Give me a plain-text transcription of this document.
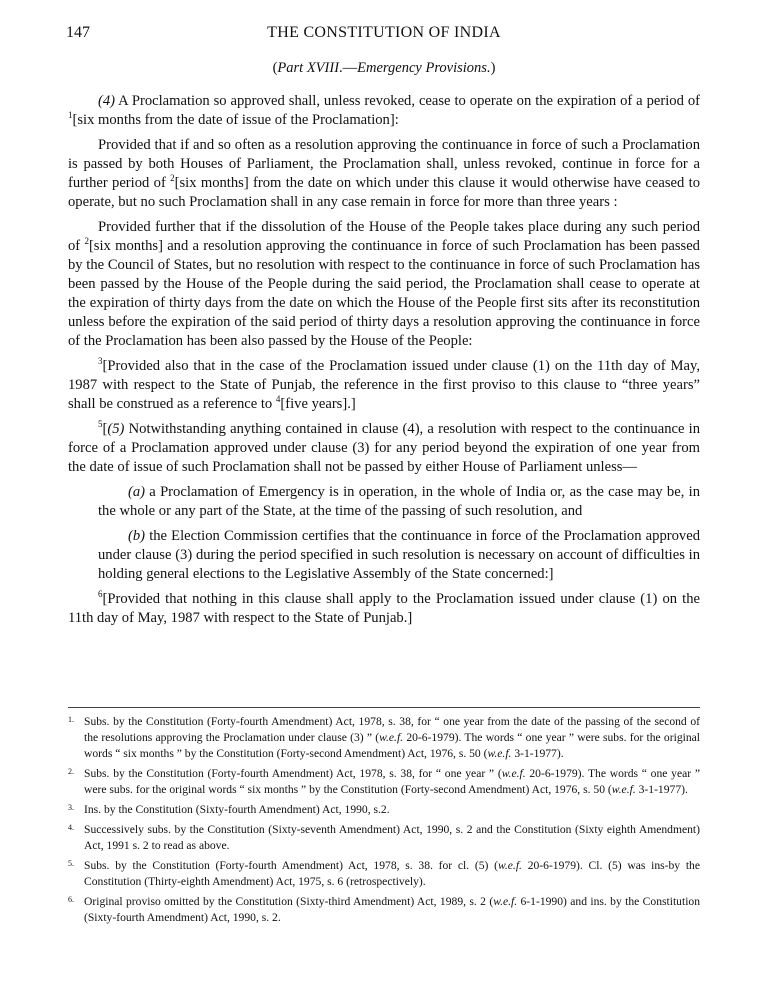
147	THE CONSTITUTION OF INDIA
(Part XVIII.—Emergency Provisions.)

(4) A Proclamation so approved shall, unless revoked, cease to operate on the expiration of a period of $^1$[six months from the date of issue of the Proclamation]:

Provided that if and so often as a resolution approving the continuance in force of such a Proclamation is passed by both Houses of Parliament, the Proclamation shall, unless revoked, continue in force for a further period of $^2$[six months] from the date on which under this clause it would otherwise have ceased to operate, but no such Proclamation shall in any case remain in force for more than three years :

Provided further that if the dissolution of the House of the People takes place during any such period of $^2$[six months] and a resolution approving the continuance in force of such Proclamation has been passed by the Council of States, but no resolution with respect to the continuance in force of such Proclamation has been passed by the House of the People during the said period, the Proclamation shall cease to operate at the expiration of thirty days from the date on which the House of the People first sits after its reconstitution unless before the expiration of the said period of thirty days a resolution approving the continuance in force of the Proclamation has been also passed by the House of the People:

$^3$[Provided also that in the case of the Proclamation issued under clause (1) on the 11th day of May, 1987 with respect to the State of Punjab, the reference in the first proviso to this clause to “three years” shall be construed as a reference to $^4$[five years].]

$^5$[(5) Notwithstanding anything contained in clause (4), a resolution with respect to the continuance in force of a Proclamation approved under clause (3) for any period beyond the expiration of one year from the date of issue of such Proclamation shall not be passed by either House of Parliament unless—

(a) a Proclamation of Emergency is in operation, in the whole of India or, as the case may be, in the whole or any part of the State, at the time of the passing of such resolution, and

(b) the Election Commission certifies that the continuance in force of the Proclamation approved under clause (3) during the period specified in such resolution is necessary on account of difficulties in holding general elections to the Legislative Assembly of the State concerned:]

$^6$[Provided that nothing in this clause shall apply to the Proclamation issued under clause (1) on the 11th day of May, 1987 with respect to the State of Punjab.]

1. Subs. by the Constitution (Forty-fourth Amendment) Act, 1978, s. 38, for “ one year from the date of the passing of the second of the resolutions approving the Proclamation under clause (3) ” (w.e.f. 20-6-1979). The words “ one year ” were subs. for the original words “ six months ” by the Constitution (Forty-second Amendment) Act, 1976, s. 50 (w.e.f. 3-1-1977).
2. Subs. by the Constitution (Forty-fourth Amendment) Act, 1978, s. 38, for “ one year ” (w.e.f. 20-6-1979). The words “ one year ” were subs. for the original words “ six months ” by the Constitution (Forty-second Amendment) Act, 1976, s. 50 (w.e.f. 3-1-1977).
3. Ins. by the Constitution (Sixty-fourth Amendment) Act, 1990, s.2.
4. Successively subs. by the Constitution (Sixty-seventh Amendment) Act, 1990, s. 2 and the Constitution (Sixty eighth Amendment) Act, 1991 s. 2 to read as above.
5. Subs. by the Constitution (Forty-fourth Amendment) Act, 1978, s. 38. for cl. (5) (w.e.f. 20-6-1979). Cl. (5) was ins-by the Constitution (Thirty-eighth Amendment) Act, 1975, s. 6 (retrospectively).
6. Original proviso omitted by the Constitution (Sixty-third Amendment) Act, 1989, s. 2 (w.e.f. 6-1-1990) and ins. by the Constitution (Sixty-fourth Amendment) Act, 1990, s. 2.
